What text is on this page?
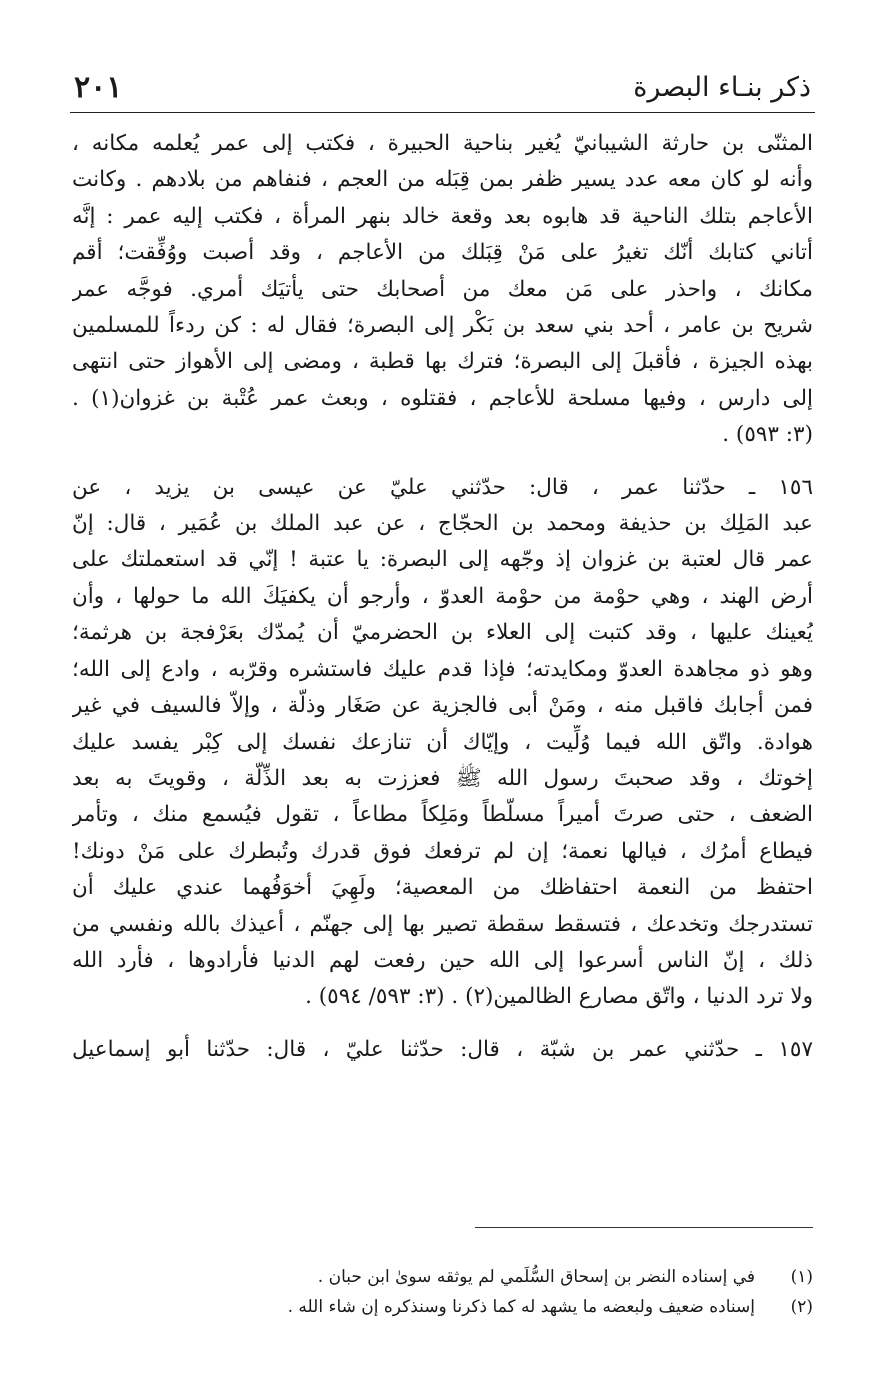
ذكر بنـاء البصرة
٢٠١

المثنّى بن حارثة الشيبانيّ يُغير بناحية الحبيرة ، فكتب إلى عمر يُعلمه مكانه ،
وأنه لو كان معه عدد يسير ظفر بمن قِبَله من العجم ، فنفاهم من بلادهم . وكانت
الأعاجم بتلك الناحية قد هابوه بعد وقعة خالد بنهر المرأة ، فكتب إليه عمر : إنَّه
أتاني كتابك أنّك تغيرُ على مَنْ قِبَلك من الأعاجم ، وقد أصبت ووُفِّقت؛ أقم
مكانك ، واحذر على مَن معك من أصحابك حتى يأتيَك أمري. فوجَّه عمر
شريح بن عامر ، أحد بني سعد بن بَكْر إلى البصرة؛ فقال له : كن ردءاً للمسلمين
بهذه الجيزة ، فأقبلَ إلى البصرة؛ فترك بها قطبة ، ومضى إلى الأهواز حتى انتهى
إلى دارس ، وفيها مسلحة للأعاجم ، فقتلوه ، وبعث عمر عُتْبة بن غزوان(١) .
(٣: ٥٩٣) .

١٥٦ ـ حدّثنا عمر ، قال: حدّثني عليّ عن عيسى بن يزيد ، عن
عبد المَلِك بن حذيفة ومحمد بن الحجّاج ، عن عبد الملك بن عُمَير ، قال: إنّ
عمر قال لعتبة بن غزوان إذ وجّهه إلى البصرة: يا عتبة ! إنّي قد استعملتك على
أرض الهند ، وهي حوْمة من حوْمة العدوّ ، وأرجو أن يكفيَكَ الله ما حولها ، وأن
يُعينك عليها ، وقد كتبت إلى العلاء بن الحضرميّ أن يُمدّك بعَرْفجة بن هرثمة؛
وهو ذو مجاهدة العدوّ ومكايدته؛ فإذا قدم عليك فاستشره وقرّبه ، وادع إلى الله؛
فمن أجابك فاقبل منه ، ومَنْ أبى فالجزية عن صَغَار وذلّة ، وإلاّ فالسيف في غير
هوادة. واتّق الله فيما وُلِّيت ، وإيّاك أن تنازعك نفسك إلى كِبْر يفسد عليك
إخوتك ، وقد صحبتَ رسول الله ﷺ فعززت به بعد الذِّلَّة ، وقويتَ به بعد
الضعف ، حتى صرتَ أميراً مسلَّطاً ومَلِكاً مطاعاً ، تقول فيُسمع منك ، وتأمر
فيطاع أمرُك ، فيالها نعمة؛ إن لم ترفعك فوق قدرك وتُبطرك على مَنْ دونك!
احتفظ من النعمة احتفاظك من المعصية؛ ولَهِيَ أخوَفُهما عندي عليك أن
تستدرجك وتخدعك ، فتسقط سقطة تصير بها إلى جهنّم ، أعيذك بالله ونفسي من
ذلك ، إنّ الناس أسرعوا إلى الله حين رفعت لهم الدنيا فأرادوها ، فأرد الله
ولا ترد الدنيا ، واتّق مصارع الظالمين(٢) . (٣: ٥٩٣/ ٥٩٤) .

١٥٧ ـ حدّثني عمر بن شبّة ، قال: حدّثنا عليّ ، قال: حدّثنا أبو إسماعيل

(١)
في إسناده النضر بن إسحاق السُّلَمي لم يوثقه سوىٰ ابن حبان .
(٢)
إسناده ضعيف ولبعضه ما يشهد له كما ذكرنا وسنذكره إن شاء الله .
